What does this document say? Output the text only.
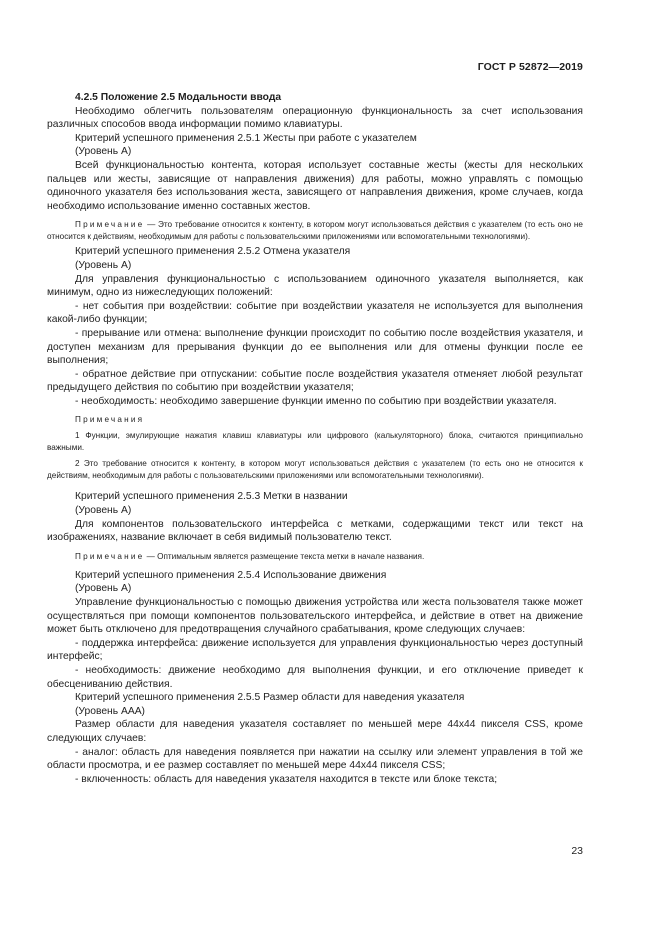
ГОСТ Р 52872—2019

4.2.5 Положение 2.5 Модальности ввода

Необходимо облегчить пользователям операционную функциональность за счет использования различных способов ввода информации помимо клавиатуры.

Критерий успешного применения 2.5.1 Жесты при работе с указателем

(Уровень А)

Всей функциональностью контента, которая использует составные жесты (жесты для нескольких пальцев или жесты, зависящие от направления движения) для работы, можно управлять с помощью одиночного указателя без использования жеста, зависящего от направления движения, кроме случаев, когда необходимо использование именно составных жестов.

Примечание — Это требование относится к контенту, в котором могут использоваться действия с указателем (то есть оно не относится к действиям, необходимым для работы с пользовательскими приложениями или вспомогательными технологиями).

Критерий успешного применения 2.5.2 Отмена указателя

(Уровень А)

Для управления функциональностью с использованием одиночного указателя выполняется, как минимум, одно из нижеследующих положений:

- нет события при воздействии: событие при воздействии указателя не используется для выполнения какой-либо функции;

- прерывание или отмена: выполнение функции происходит по событию после воздействия указателя, и доступен механизм для прерывания функции до ее выполнения или для отмены функции после ее выполнения;

- обратное действие при отпускании: событие после воздействия указателя отменяет любой результат предыдущего действия по событию при воздействии указателя;

- необходимость: необходимо завершение функции именно по событию при воздействии указателя.

Примечания

1 Функции, эмулирующие нажатия клавиш клавиатуры или цифрового (калькуляторного) блока, считаются принципиально важными.

2 Это требование относится к контенту, в котором могут использоваться действия с указателем (то есть оно не относится к действиям, необходимым для работы с пользовательскими приложениями или вспомогательными технологиями).

Критерий успешного применения 2.5.3 Метки в названии

(Уровень А)

Для компонентов пользовательского интерфейса с метками, содержащими текст или текст на изображениях, название включает в себя видимый пользователю текст.

Примечание — Оптимальным является размещение текста метки в начале названия.

Критерий успешного применения 2.5.4 Использование движения

(Уровень А)

Управление функциональностью с помощью движения устройства или жеста пользователя также может осуществляться при помощи компонентов пользовательского интерфейса, и действие в ответ на движение может быть отключено для предотвращения случайного срабатывания, кроме следующих случаев:

- поддержка интерфейса: движение используется для управления функциональностью через доступный интерфейс;

- необходимость: движение необходимо для выполнения функции, и его отключение приведет к обесцениванию действия.

Критерий успешного применения 2.5.5 Размер области для наведения указателя

(Уровень ААА)

Размер области для наведения указателя составляет по меньшей мере 44x44 пикселя CSS, кроме следующих случаев:

- аналог: область для наведения появляется при нажатии на ссылку или элемент управления в той же области просмотра, и ее размер составляет по меньшей мере 44x44 пикселя CSS;

- включенность: область для наведения указателя находится в тексте или блоке текста;

23
